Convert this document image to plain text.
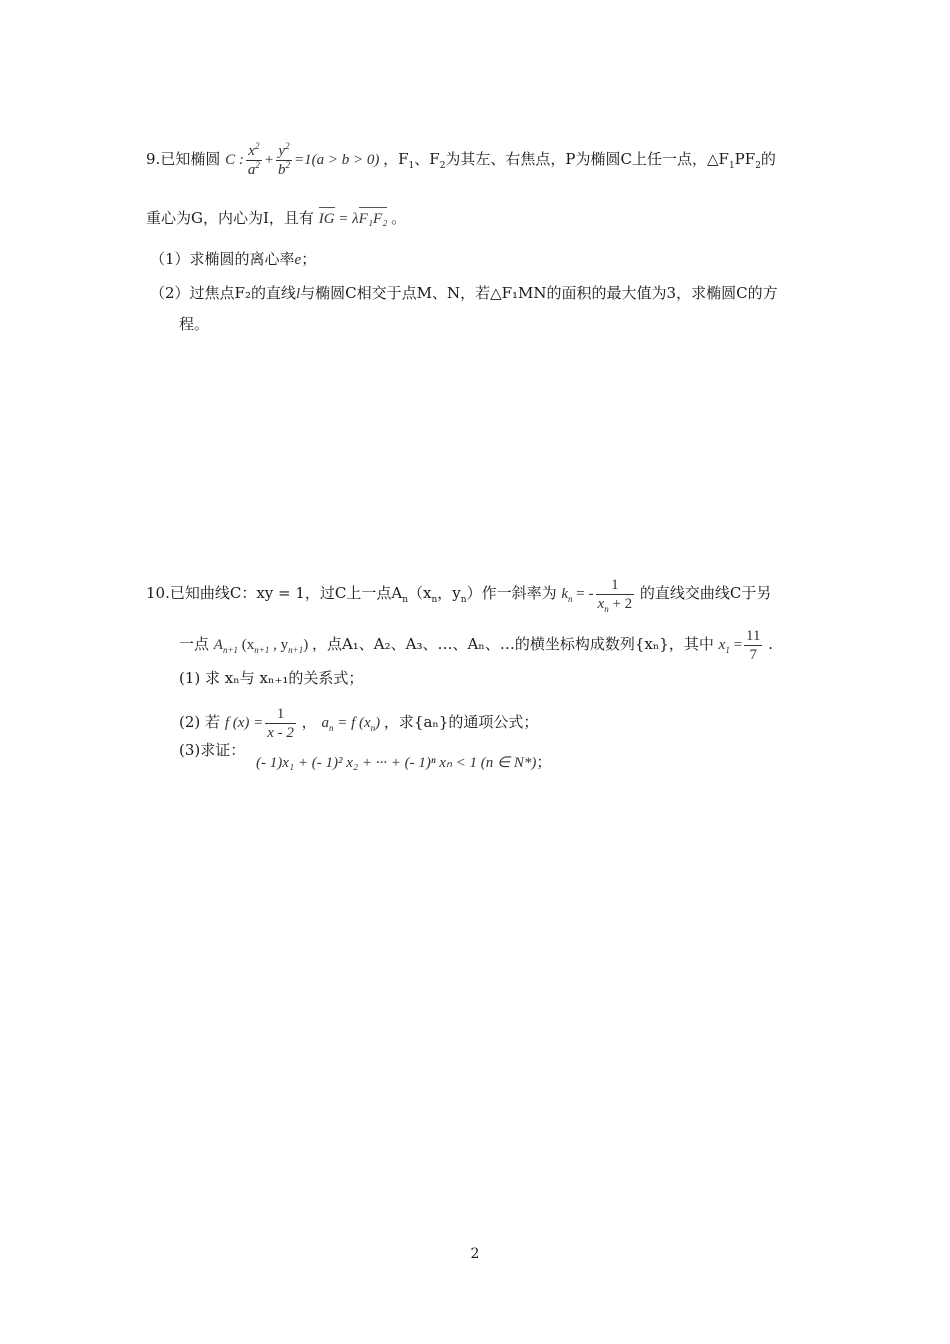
9.已知椭圆 C : $\frac{x^2}{a^2} + \frac{y^2}{b^2} =1(a > b > 0)$ ，$F_1$、$F_2$为其左、右焦点，P为椭圆C上任一点，$\triangle F_1PF_2$的
重心为G，内心为I，且有 IG = λF₁F₂ 。
（1）求椭圆的离心率e；
（2）过焦点F₂的直线l与椭圆C相交于点M、N，若△F₁MN的面积的最大值为3，求椭圆C的方
程。
10.已知曲线C：xy = 1，过C上一点$A_n(x_n$，$y_n$）作一斜率为 $k_n$ = - $\frac{1}{x_n + 2}$ 的直线交曲线C于另
一点 $A_{n+1}$ ($x_{n+1}$ , $y_{n+1}$) ，点A₁、A₂、A₃、…、Aₙ、…的横坐标构成数列{xₙ}，其中 $x_1 = \frac{11}{7}$ .
(1) 求 xₙ与 xₙ₊₁的关系式；
(2) 若 f $(x) = \frac{1}{x - 2}$ ， $a_n = f$ $(x_n)$ ，求{aₙ}的通项公式；
(3)求证：
(- 1)x₁ + (- 1)² x₂ + ··· + (- 1)ⁿ xₙ < 1 (n ∈ N*)；
2
